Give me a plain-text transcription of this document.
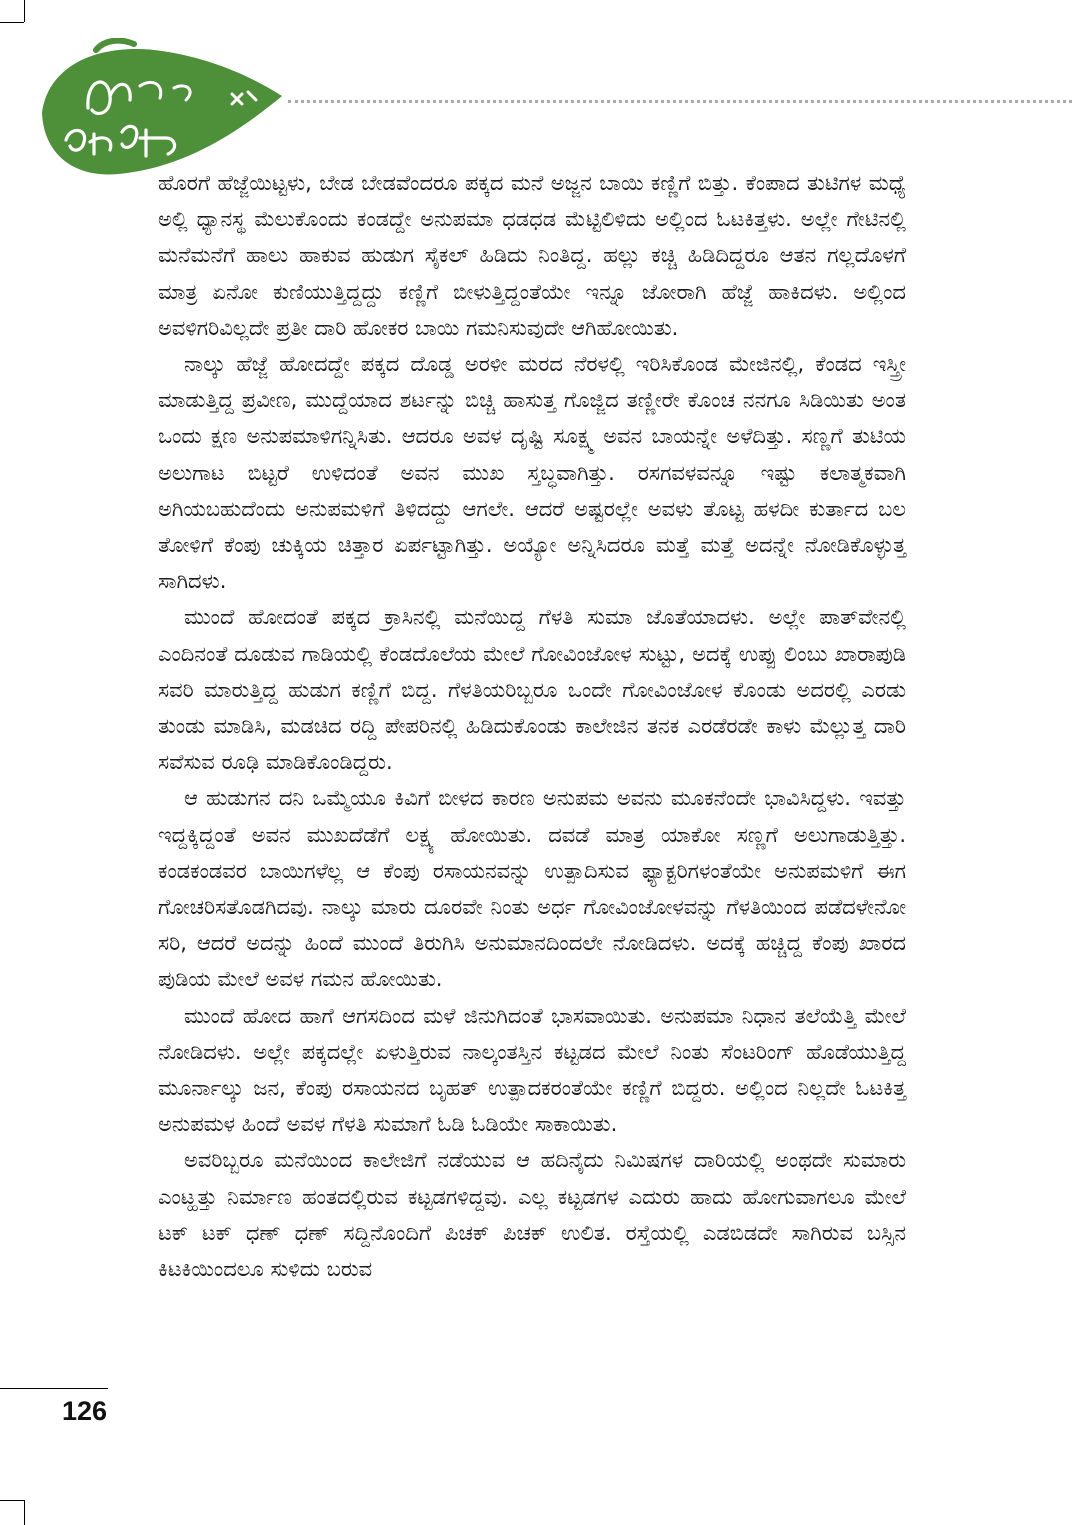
ಹೊರಗೆ ಹೆಜ್ಜೆಯಿಟ್ಟಳು, ಬೇಡ ಬೇಡವೆಂದರೂ ಪಕ್ಕದ ಮನೆ ಅಜ್ಜನ ಬಾಯಿ ಕಣ್ಣಿಗೆ ಬಿತ್ತು. ಕೆಂಪಾದ ತುಟಿಗಳ ಮಧ್ಯೆ ಅಲ್ಲಿ ಧ್ಯಾನಸ್ಥ ಮೆಲುಕೊಂದು ಕಂಡದ್ದೇ ಅನುಪಮಾ ಧಡಧಡ ಮೆಟ್ಟಿಲಿಳಿದು ಅಲ್ಲಿಂದ ಓಟಕಿತ್ತಳು. ಅಲ್ಲೇ ಗೇಟಿನಲ್ಲಿ ಮನೆಮನೆಗೆ ಹಾಲು ಹಾಕುವ ಹುಡುಗ ಸೈಕಲ್ ಹಿಡಿದು ನಿಂತಿದ್ದ. ಹಲ್ಲು ಕಚ್ಚಿ ಹಿಡಿದಿದ್ದರೂ ಆತನ ಗಲ್ಲದೊಳಗೆ ಮಾತ್ರ ಏನೋ ಕುಣಿಯುತ್ತಿದ್ದದ್ದು ಕಣ್ಣಿಗೆ ಬೀಳುತ್ತಿದ್ದಂತೆಯೇ ಇನ್ನೂ ಜೋರಾಗಿ ಹೆಜ್ಜೆ ಹಾಕಿದಳು. ಅಲ್ಲಿಂದ ಅವಳಿಗರಿವಿಲ್ಲದೇ ಪ್ರತೀ ದಾರಿ ಹೋಕರ ಬಾಯಿ ಗಮನಿಸುವುದೇ ಆಗಿಹೋಯಿತು.

ನಾಲ್ಕು ಹೆಜ್ಜೆ ಹೋದದ್ದೇ ಪಕ್ಕದ ದೊಡ್ಡ ಅರಳೀ ಮರದ ನೆರಳಲ್ಲಿ ಇರಿಸಿಕೊಂಡ ಮೇಜಿನಲ್ಲಿ, ಕೆಂಡದ ಇಸ್ತ್ರೀ ಮಾಡುತ್ತಿದ್ದ ಪ್ರವೀಣ, ಮುದ್ದೆಯಾದ ಶರ್ಟನ್ನು ಬಿಚ್ಚಿ ಹಾಸುತ್ತ ಗೊಜ್ಜಿದ ತಣ್ಣೀರೇ ಕೊಂಚ ನನಗೂ ಸಿಡಿಯಿತು ಅಂತ ಒಂದು ಕ್ಷಣ ಅನುಪಮಾಳಿಗನ್ನಿಸಿತು. ಆದರೂ ಅವಳ ದೃಷ್ಟಿ ಸೂಕ್ಷ್ಮ ಅವನ ಬಾಯನ್ನೇ ಅಳೆದಿತ್ತು. ಸಣ್ಣಗೆ ತುಟಿಯ ಅಲುಗಾಟ ಬಿಟ್ಟರೆ ಉಳಿದಂತೆ ಅವನ ಮುಖ ಸ್ತಬ್ಧವಾಗಿತ್ತು. ರಸಗವಳವನ್ನೂ ಇಷ್ಟು ಕಲಾತ್ಮಕವಾಗಿ ಅಗಿಯಬಹುದೆಂದು ಅನುಪಮಳಿಗೆ ತಿಳಿದದ್ದು ಆಗಲೇ. ಆದರೆ ಅಷ್ಟರಲ್ಲೇ ಅವಳು ತೊಟ್ಟ ಹಳದೀ ಕುರ್ತಾದ ಬಲ ತೋಳಿಗೆ ಕೆಂಪು ಚುಕ್ಕಿಯ ಚಿತ್ತಾರ ಏರ್ಪಟ್ಟಾಗಿತ್ತು. ಅಯ್ಯೋ ಅನ್ನಿಸಿದರೂ ಮತ್ತೆ ಮತ್ತೆ ಅದನ್ನೇ ನೋಡಿಕೊಳ್ಳುತ್ತ ಸಾಗಿದಳು.

ಮುಂದೆ ಹೋದಂತೆ ಪಕ್ಕದ ಕ್ರಾಸಿನಲ್ಲಿ ಮನೆಯಿದ್ದ ಗೆಳತಿ ಸುಮಾ ಜೊತೆಯಾದಳು. ಅಲ್ಲೇ ಪಾತ್‌ವೇನಲ್ಲಿ ಎಂದಿನಂತೆ ದೂಡುವ ಗಾಡಿಯಲ್ಲಿ ಕೆಂಡದೊಲೆಯ ಮೇಲೆ ಗೋವಿಂಜೋಳ ಸುಟ್ಟು, ಅದಕ್ಕೆ ಉಪ್ಪು ಲಿಂಬು ಖಾರಾಪುಡಿ ಸವರಿ ಮಾರುತ್ತಿದ್ದ ಹುಡುಗ ಕಣ್ಣಿಗೆ ಬಿದ್ದ. ಗೆಳತಿಯರಿಬ್ಬರೂ ಒಂದೇ ಗೋವಿಂಜೋಳ ಕೊಂಡು ಅದರಲ್ಲಿ ಎರಡು ತುಂಡು ಮಾಡಿಸಿ, ಮಡಚಿದ ರದ್ದಿ ಪೇಪರಿನಲ್ಲಿ ಹಿಡಿದುಕೊಂಡು ಕಾಲೇಜಿನ ತನಕ ಎರಡೆರಡೇ ಕಾಳು ಮೆಲ್ಲುತ್ತ ದಾರಿ ಸವೆಸುವ ರೂಢಿ ಮಾಡಿಕೊಂಡಿದ್ದರು.

ಆ ಹುಡುಗನ ದನಿ ಒಮ್ಮೆಯೂ ಕಿವಿಗೆ ಬೀಳದ ಕಾರಣ ಅನುಪಮ ಅವನು ಮೂಕನೆಂದೇ ಭಾವಿಸಿದ್ದಳು. ಇವತ್ತು ಇದ್ದಕ್ಕಿದ್ದಂತೆ ಅವನ ಮುಖದೆಡೆಗೆ ಲಕ್ಷ್ಯ ಹೋಯಿತು. ದವಡೆ ಮಾತ್ರ ಯಾಕೋ ಸಣ್ಣಗೆ ಅಲುಗಾಡುತ್ತಿತ್ತು. ಕಂಡಕಂಡವರ ಬಾಯಿಗಳೆಲ್ಲ ಆ ಕೆಂಪು ರಸಾಯನವನ್ನು ಉತ್ಪಾದಿಸುವ ಫ್ಯಾಕ್ಟರಿಗಳಂತೆಯೇ ಅನುಪಮಳಿಗೆ ಈಗ ಗೋಚರಿಸತೊಡಗಿದವು. ನಾಲ್ಕು ಮಾರು ದೂರವೇ ನಿಂತು ಅರ್ಧ ಗೋವಿಂಜೋಳವನ್ನು ಗೆಳತಿಯಿಂದ ಪಡೆದಳೇನೋ ಸರಿ, ಆದರೆ ಅದನ್ನು ಹಿಂದೆ ಮುಂದೆ ತಿರುಗಿಸಿ ಅನುಮಾನದಿಂದಲೇ ನೋಡಿದಳು. ಅದಕ್ಕೆ ಹಚ್ಚಿದ್ದ ಕೆಂಪು ಖಾರದ ಪುಡಿಯ ಮೇಲೆ ಅವಳ ಗಮನ ಹೋಯಿತು.

ಮುಂದೆ ಹೋದ ಹಾಗೆ ಆಗಸದಿಂದ ಮಳೆ ಜಿನುಗಿದಂತೆ ಭಾಸವಾಯಿತು. ಅನುಪಮಾ ನಿಧಾನ ತಲೆಯೆತ್ತಿ ಮೇಲೆ ನೋಡಿದಳು. ಅಲ್ಲೇ ಪಕ್ಕದಲ್ಲೇ ಏಳುತ್ತಿರುವ ನಾಲ್ಕಂತಸ್ತಿನ ಕಟ್ಟಡದ ಮೇಲೆ ನಿಂತು ಸೆಂಟರಿಂಗ್ ಹೊಡೆಯುತ್ತಿದ್ದ ಮೂರ್ನಾಲ್ಕು ಜನ, ಕೆಂಪು ರಸಾಯನದ ಬೃಹತ್ ಉತ್ಪಾದಕರಂತೆಯೇ ಕಣ್ಣಿಗೆ ಬಿದ್ದರು. ಅಲ್ಲಿಂದ ನಿಲ್ಲದೇ ಓಟಕಿತ್ತ ಅನುಪಮಳ ಹಿಂದೆ ಅವಳ ಗೆಳತಿ ಸುಮಾಗೆ ಓಡಿ ಓಡಿಯೇ ಸಾಕಾಯಿತು.

ಅವರಿಬ್ಬರೂ ಮನೆಯಿಂದ ಕಾಲೇಜಿಗೆ ನಡೆಯುವ ಆ ಹದಿನೈದು ನಿಮಿಷಗಳ ದಾರಿಯಲ್ಲಿ ಅಂಥದೇ ಸುಮಾರು ಎಂಟ್ಹತ್ತು ನಿರ್ಮಾಣ ಹಂತದಲ್ಲಿರುವ ಕಟ್ಟಡಗಳಿದ್ದವು. ಎಲ್ಲ ಕಟ್ಟಡಗಳ ಎದುರು ಹಾದು ಹೋಗುವಾಗಲೂ ಮೇಲೆ ಟಕ್ ಟಕ್ ಧಣ್ ಧಣ್ ಸದ್ದಿನೊಂದಿಗೆ ಪಿಚಕ್ ಪಿಚಕ್ ಉಲಿತ. ರಸ್ತೆಯಲ್ಲಿ ಎಡಬಿಡದೇ ಸಾಗಿರುವ ಬಸ್ಸಿನ ಕಿಟಕಿಯಿಂದಲೂ ಸುಳಿದು ಬರುವ

126
